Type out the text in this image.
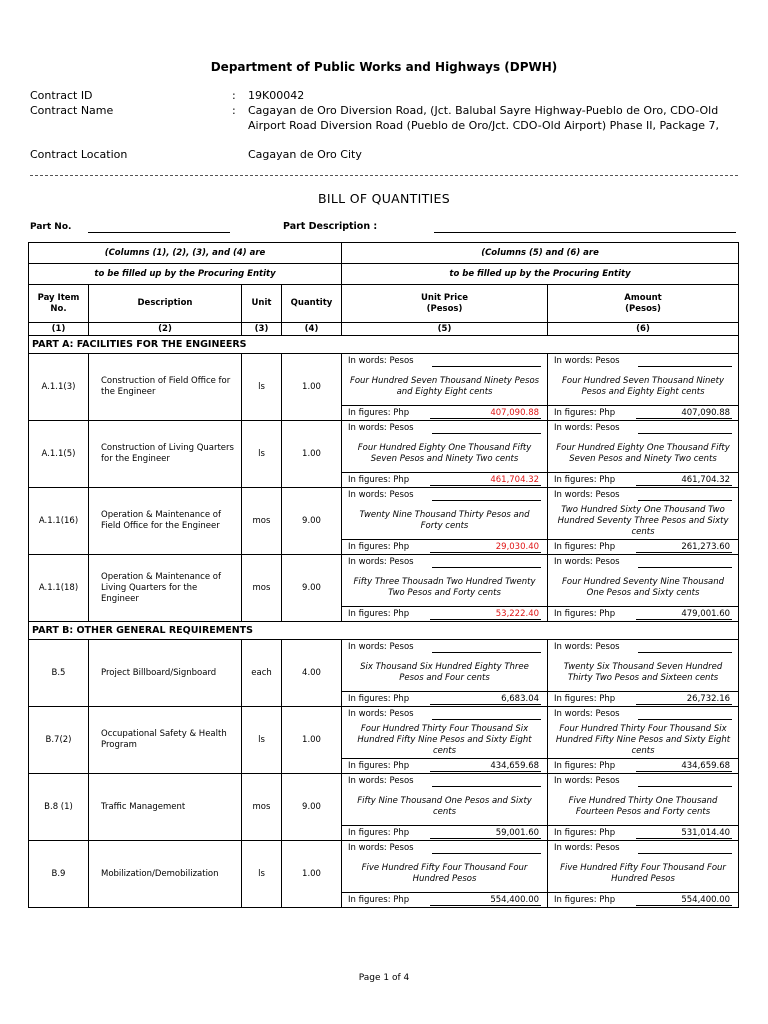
Department of Public Works and Highways (DPWH)
Contract ID	: 19K00042
Contract Name	: Cagayan de Oro Diversion Road, (Jct. Balubal Sayre Highway-Pueblo de Oro, CDO-Old
Airport Road Diversion Road (Pueblo de Oro/Jct. CDO-Old Airport) Phase II, Package 7,
Contract Location	Cagayan de Oro City
BILL OF QUANTITIES
Part No.	Part Description :
(Columns (1), (2), (3), and (4) are				(Columns (5) and (6) are	
to be filled up by the Procuring Entity				to be filled up by the Procuring Entity	
Pay Item No.	Description	Unit	Quantity	Unit Price
(Pesos)	Amount
(Pesos)
(1)	(2)	(3)	(4)	(5)	(6)
PART A: FACILITIES FOR THE ENGINEERS					
A.1.1(3)	Construction of Field Office for the Engineer	ls	1.00	In words: Pesos
Four Hundred Seven Thousand Ninety Pesos and Eighty Eight cents
In figures: Php 407,090.88	In words: Pesos
Four Hundred Seven Thousand Ninety Pesos and Eighty Eight cents
In figures: Php 407,090.88

A.1.1(5)	Construction of Living Quarters for the Engineer	ls	1.00	In words: Pesos
Four Hundred Eighty One Thousand Fifty Seven Pesos and Ninety Two cents
In figures: Php 461,704.32	In words: Pesos
Four Hundred Eighty One Thousand Fifty Seven Pesos and Ninety Two cents
In figures: Php 461,704.32

A.1.1(16)	Operation & Maintenance of Field Office for the Engineer	mos	9.00	In words: Pesos
Twenty Nine Thousand Thirty Pesos and Forty cents
In figures: Php 29,030.40	In words: Pesos
Two Hundred Sixty One Thousand Two Hundred Seventy Three Pesos and Sixty cents
In figures: Php 261,273.60

A.1.1(18)	Operation & Maintenance of Living Quarters for the Engineer	mos	9.00	In words: Pesos
Fifty Three Thousadn Two Hundred Twenty Two Pesos and Forty cents
In figures: Php 53,222.40	In words: Pesos
Four Hundred Seventy Nine Thousand One Pesos and Sixty cents
In figures: Php 479,001.60

PART B: OTHER GENERAL REQUIREMENTS					
B.5	Project Billboard/Signboard	each	4.00	In words: Pesos
Six Thousand Six Hundred Eighty Three Pesos and Four cents
In figures: Php 6,683.04	In words: Pesos
Twenty Six Thousand Seven Hundred Thirty Two Pesos and Sixteen cents
In figures: Php 26,732.16

B.7(2)	Occupational Safety & Health Program	ls	1.00	In words: Pesos
Four Hundred Thirty Four Thousand Six Hundred Fifty Nine Pesos and Sixty Eight cents
In figures: Php 434,659.68	In words: Pesos
Four Hundred Thirty Four Thousand Six Hundred Fifty Nine Pesos and Sixty Eight cents
In figures: Php 434,659.68

B.8 (1)	Traffic Management	mos	9.00	In words: Pesos
Fifty Nine Thousand One Pesos and Sixty cents
In figures: Php 59,001.60	In words: Pesos
Five Hundred Thirty One Thousand Fourteen Pesos and Forty cents
In figures: Php 531,014.40

B.9	Mobilization/Demobilization	ls	1.00	In words: Pesos
Five Hundred Fifty Four Thousand Four Hundred Pesos
In figures: Php 554,400.00	In words: Pesos
Five Hundred Fifty Four Thousand Four Hundred Pesos
In figures: Php 554,400.00
Page 1 of 4
